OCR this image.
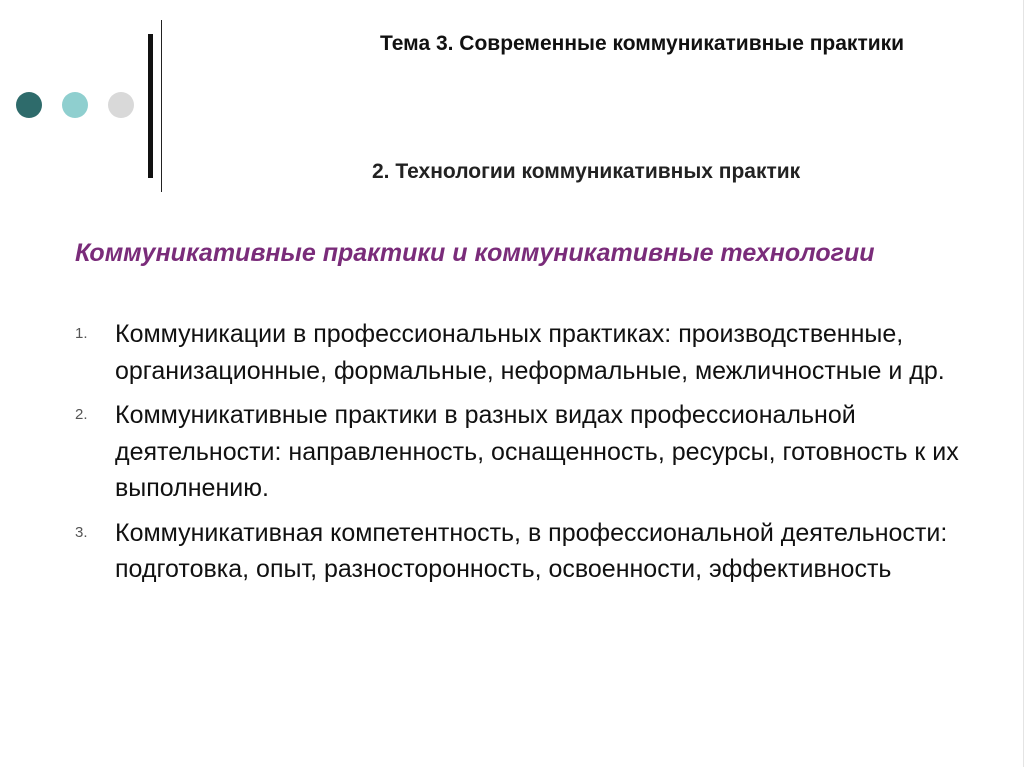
Тема 3. Современные коммуникативные практики
2. Технологии коммуникативных практик
Коммуникативные практики и коммуникативные технологии
1. Коммуникации в профессиональных практиках: производственные, организационные, формальные, неформальные, межличностные и др.
2. Коммуникативные практики в разных видах профессиональной деятельности: направленность, оснащенность, ресурсы, готовность к их выполнению.
3. Коммуникативная компетентность, в профессиональной деятельности: подготовка, опыт, разносторонность, освоенности, эффективность
